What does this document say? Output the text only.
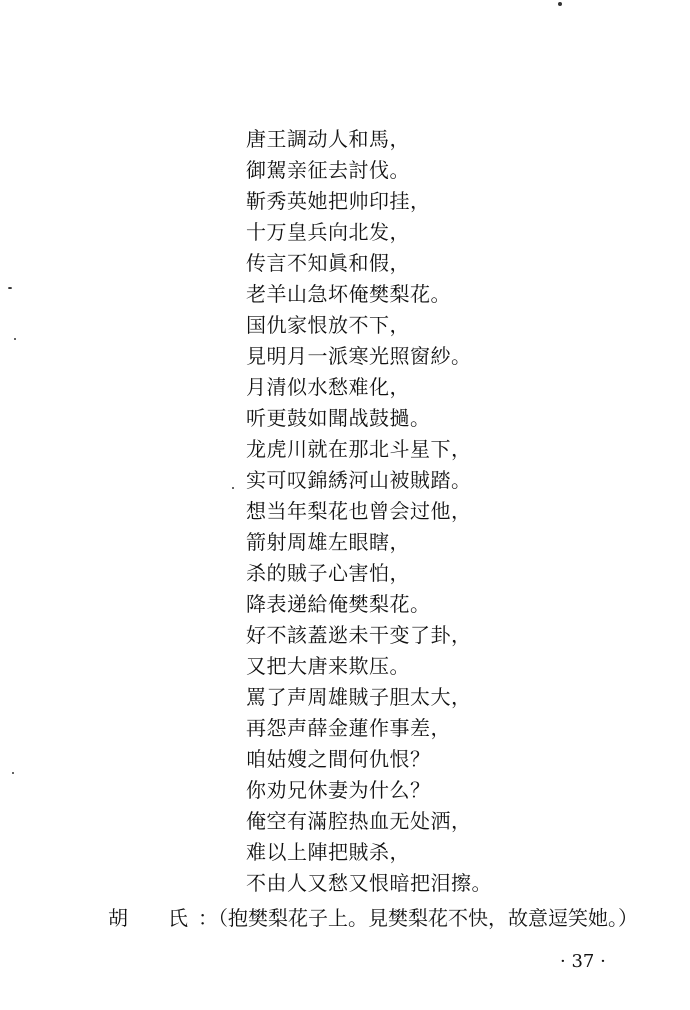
唐王調动人和馬，
御駕亲征去討伐。
靳秀英她把帅印挂，
十万皇兵向北发，
传言不知眞和假，
老羊山急坏俺樊梨花。
国仇家恨放不下，
見明月一派寒光照窗紗。
月清似水愁难化，
听更鼓如聞战鼓撾。
龙虎川就在那北斗星下，
实可叹錦綉河山被賊踏。
想当年梨花也曾会过他，
箭射周雄左眼瞎，
杀的賊子心害怕，
降表递給俺樊梨花。
好不該蓋逖未干变了卦，
又把大唐来欺压。
罵了声周雄賊子胆太大，
再怨声薛金蓮作事差，
咱姑嫂之間何仇恨？
你劝兄休妻为什么？
俺空有滿腔热血无处洒，
难以上陣把賊杀，
不由人又愁又恨暗把泪擦。
胡　氏：（抱樊梨花子上。見樊梨花不快，故意逗笑她。）
· 37 ·
